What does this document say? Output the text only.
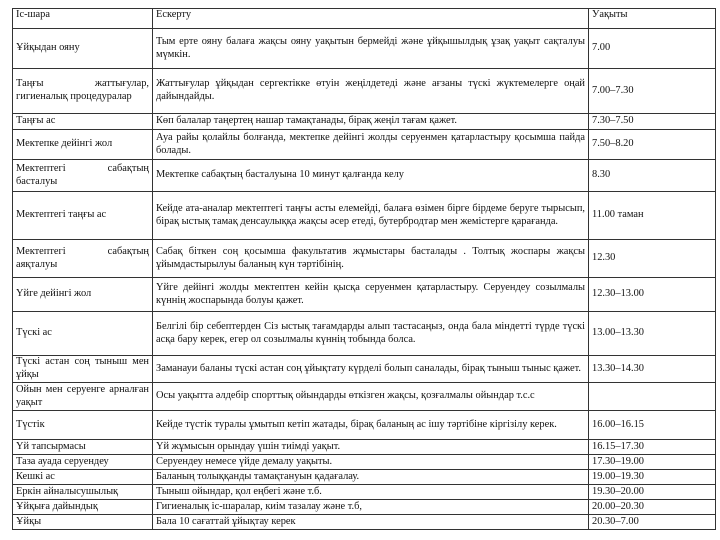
Іс-шара	Ескерту	Уақыты
Ұйқыдан ояну	Тым ерте ояну балаға жақсы ояну уақытын бермейді және ұйқышылдық ұзақ уақыт сақталуы мүмкін.	7.00
Таңғы жаттығулар, гигиеналық процедуралар	Жаттығулар ұйқыдан сергектікке өтуін жеңілдетеді және ағзаны түскі жүктемелерге оңай дайындайды.	7.00–7.30
Таңғы ас	Көп балалар таңертең нашар тамақтанады, бірақ жеңіл тағам қажет.	7.30–7.50
Мектепке дейінгі жол	Ауа райы қолайлы болғанда, мектепке дейінгі жолды серуенмен қатарластыру қосымша пайда болады.	7.50–8.20
Мектептегі сабақтың басталуы	Мектепке сабақтың басталуына 10 минут қалғанда келу	8.30
Мектептегі таңғы ас	Кейде ата-аналар мектептегі таңғы асты елемейді, балаға өзімен бірге бірдеме беруге тырысып, бірақ ыстық тамақ денсаулыққа жақсы әсер етеді, бутербродтар мен жемістерге қарағанда.	11.00 таман
Мектептегі сабақтың аяқталуы	Сабақ біткен соң қосымша факультатив жұмыстары басталады . Толтық жоспары жақсы ұйымдастырылуы баланың күн тәртібінің.	12.30
Үйге дейінгі жол	Үйге дейінгі жолды мектептен кейін қысқа серуенмен қатарластыру. Серуендеу созылмалы күннің жоспарында болуы қажет.	12.30–13.00
Түскі ас	Белгілі бір себептерден Сіз ыстық тағамдарды алып тастасаңыз, онда бала міндетті түрде түскі асқа бару керек, егер ол созылмалы күннің тобында болса.	13.00–13.30
Түскі астан соң тыныш мен ұйқы	Заманауи баланы түскі астан соң ұйықтату күрделі болып саналады, бірақ тыныш тыныс қажет.	13.30–14.30
Ойын мен серуенге арналған уақыт	Осы уақытта әлдебір спорттық ойындарды өткізген жақсы, қозғалмалы ойындар т.с.с	
Түстік	Кейде түстік туралы ұмытып кетіп жатады, бірақ баланың ас ішу тәртібіне кіргізілу керек.	16.00–16.15
Үй тапсырмасы	Үй жұмысын орындау үшін тиімді уақыт.	16.15–17.30
Таза ауада серуендеу	Серуендеу немесе үйде демалу уақыты.	17.30–19.00
Кешкі ас	Баланың толыққанды тамақтануын қадағалау.	19.00–19.30
Еркін айналысушылық	Тыныш ойындар, қол еңбегі және т.б.	19.30–20.00
Ұйқыға дайындық	Гигиеналық іс-шаралар, киім тазалау және т.б,	20.00–20.30
Ұйқы	Бала 10 сағаттай ұйықтау керек	20.30–7.00
